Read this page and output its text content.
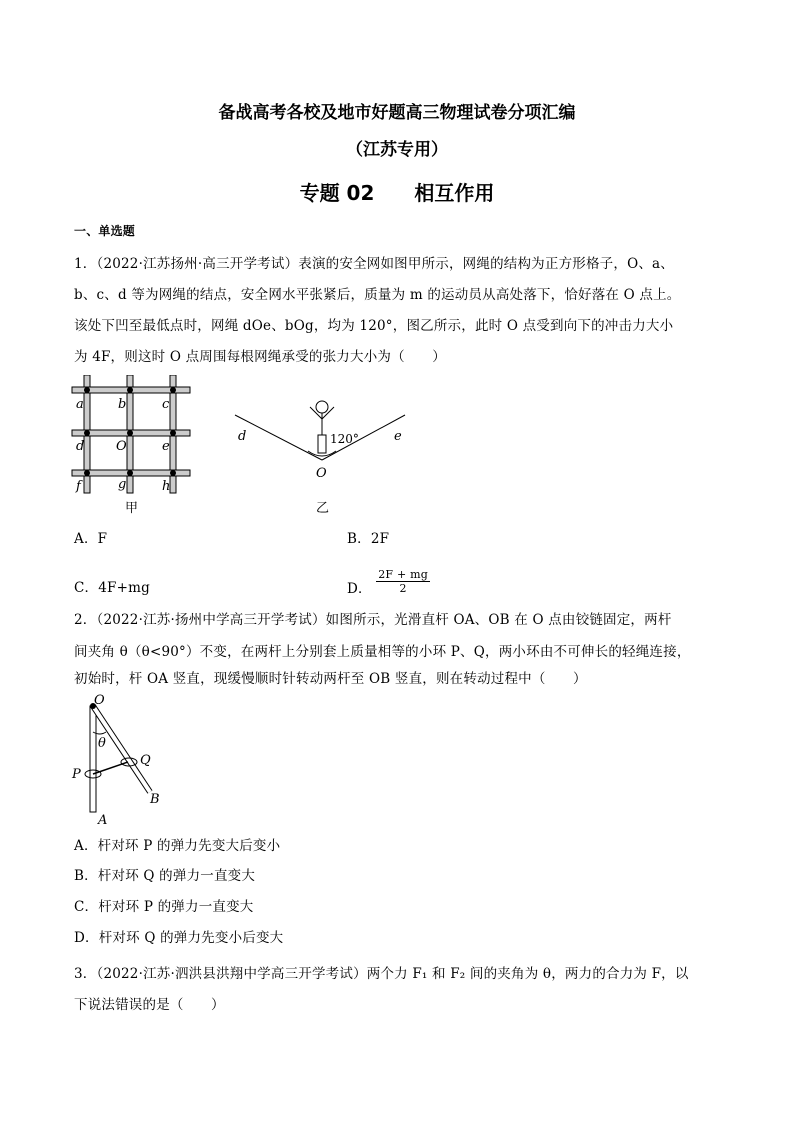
备战高考各校及地市好题高三物理试卷分项汇编
（江苏专用）
专题 02　　相互作用
一、单选题
1．（2022·江苏扬州·高三开学考试）表演的安全网如图甲所示，网绳的结构为正方形格子，O、a、
b、c、d 等为网绳的结点，安全网水平张紧后，质量为 m 的运动员从高处落下，恰好落在 O 点上。
该处下凹至最低点时，网绳 dOe、bOg，均为 120°，图乙所示，此时 O 点受到向下的冲击力大小
为 4F，则这时 O 点周围每根网绳承受的张力大小为（　　）
a	b	c
d O	e
f	g	h
甲
d	e
O
120°
乙
A．F	B．2F
C．4F+mg	D． $\frac{2F + mg}{2}$
2．（2022·江苏·扬州中学高三开学考试）如图所示，光滑直杆 OA、OB 在 O 点由铰链固定，两杆
间夹角 θ（θ<90°）不变，在两杆上分别套上质量相等的小环 P、Q，两小环由不可伸长的轻绳连接，
初始时，杆 OA 竖直，现缓慢顺时针转动两杆至 OB 竖直，则在转动过程中（　　）
O
θ
P
Q
A
B
A．杆对环 P 的弹力先变大后变小
B．杆对环 Q 的弹力一直变大
C．杆对环 P 的弹力一直变大
D．杆对环 Q 的弹力先变小后变大
3．（2022·江苏·泗洪县洪翔中学高三开学考试）两个力 F₁ 和 F₂ 间的夹角为 θ，两力的合力为 F，以
下说法错误的是（　　）
